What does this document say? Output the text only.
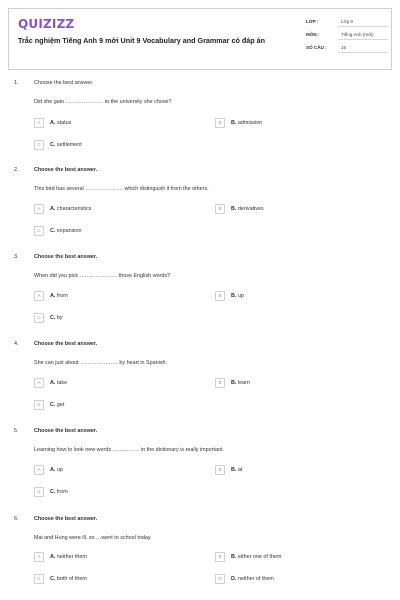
QUIZIZZ
Trắc nghiệm Tiếng Anh 9 mới Unit 9 Vocabulary and Grammar có đáp án
LỚP :	Lớp 9
MÔN :	Tiếng Anh (mới)
SỐ CÂU :	15
1.	Choose the best answer.
Did she gain ………………… to the university she chose?
A	A. status	B	B. admission
C	C. settlement
2.	Choose the best answer.
This bird has several ………………… which distinguish it from the others.
A	A. characteristics	B	B. derivatives
C	C. expansion
3.	Choose the best answer.
When did you pick ………………… those English words?
A	A. from	B	B. up
C	C. by
4.	Choose the best answer.
She can just about ………………… by heart in Spanish.
A	A. take	B	B. learn
C	C. get
5.	Choose the best answer.
Learning how to look new words …………… in the dictionary is really important.
A	A. up	B	B. at
C	C. from
6.	Choose the best answer.
Mai and Hung were ill, so …went to school today.
A	A. neither them	B	B. either one of them
C	C. both of them	D	D. neither of them
